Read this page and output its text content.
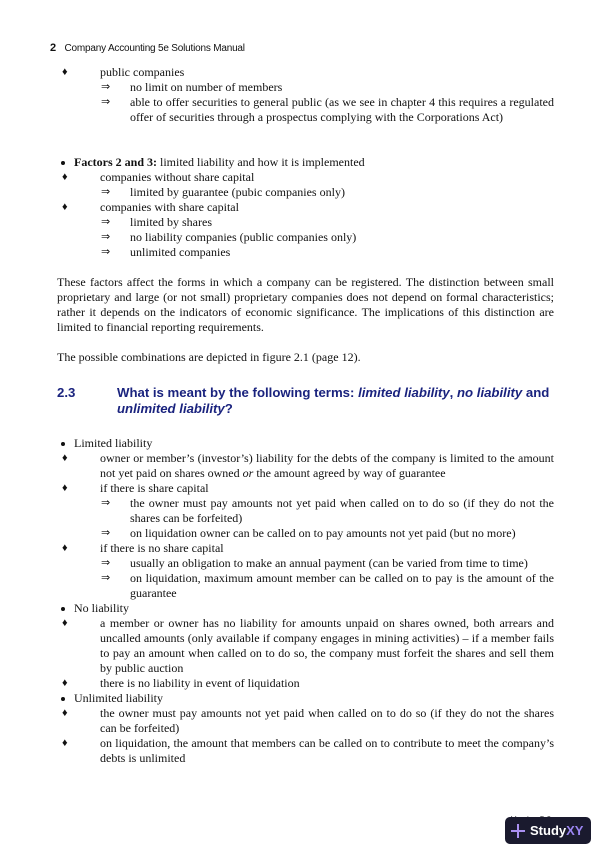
2 Company Accounting 5e Solutions Manual
♦	public companies
⇒ no limit on number of members
⇒ able to offer securities to general public (as we see in chapter 4 this requires a regulated offer of securities through a prospectus complying with the Corporations Act)
Factors 2 and 3: limited liability and how it is implemented
♦	companies without share capital
⇒ limited by guarantee (pubic companies only)
♦	companies with share capital
⇒ limited by shares
⇒ no liability companies (public companies only)
⇒ unlimited companies

These factors affect the forms in which a company can be registered. The distinction between small proprietary and large (or not small) proprietary companies does not depend on formal characteristics; rather it depends on the indicators of economic significance. The implications of this distinction are limited to financial reporting requirements.

The possible combinations are depicted in figure 2.1 (page 12).

2.3	What is meant by the following terms: limited liability, no liability and unlimited liability?
Limited liability
♦	owner or member’s (investor’s) liability for the debts of the company is limited to the amount not yet paid on shares owned or the amount agreed by way of guarantee
♦	if there is share capital
⇒ the owner must pay amounts not yet paid when called on to do so (if they do not the shares can be forfeited)
⇒ on liquidation owner can be called on to pay amounts not yet paid (but no more)
♦	if there is no share capital
⇒ usually an obligation to make an annual payment (can be varied from time to time)
⇒ on liquidation, maximum amount member can be called on to pay is the amount of the guarantee
No liability
♦	a member or owner has no liability for amounts unpaid on shares owned, both arrears and uncalled amounts (only available if company engages in mining activities) – if a member fails to pay an amount when called on to do so, the company must forfeit the shares and sell them by public auction
♦	there is no liability in event of liquidation
Unlimited liability
♦	the owner must pay amounts not yet paid when called on to do so (if they do not the shares can be forfeited)
♦	on liquidation, the amount that members can be called on to contribute to meet the company’s debts is unlimited
StudyXY
